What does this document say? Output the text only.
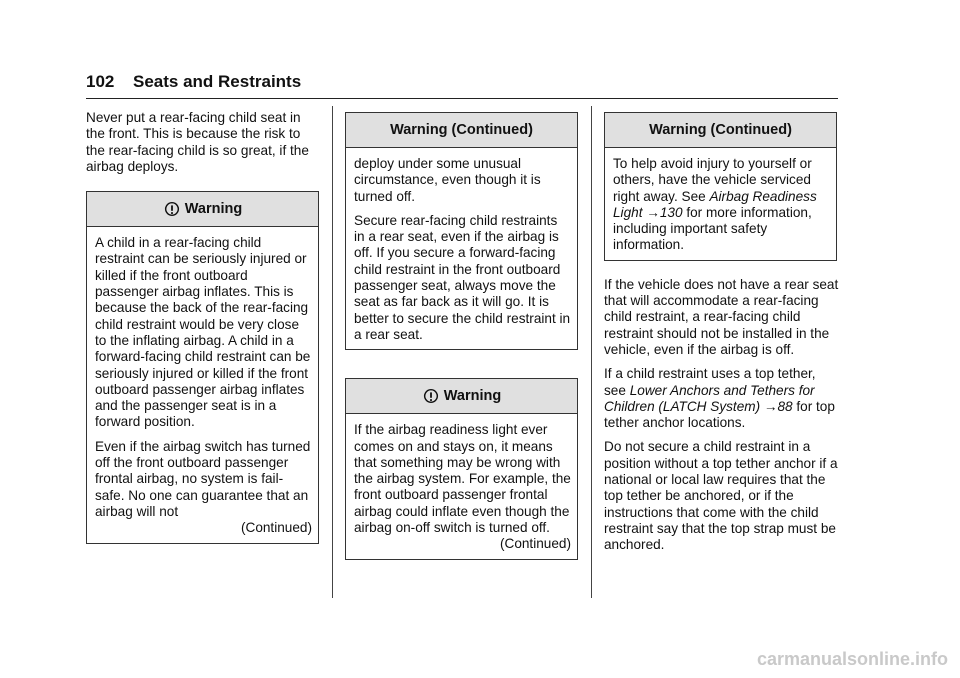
102 Seats and Restraints

Never put a rear-facing child seat in the front. This is because the risk to the rear-facing child is so great, if the airbag deploys.

Warning

A child in a rear-facing child restraint can be seriously injured or killed if the front outboard passenger airbag inflates. This is because the back of the rear-facing child restraint would be very close to the inflating airbag. A child in a forward-facing child restraint can be seriously injured or killed if the front outboard passenger airbag inflates and the passenger seat is in a forward position.

Even if the airbag switch has turned off the front outboard passenger frontal airbag, no system is fail-safe. No one can guarantee that an airbag will not

(Continued)
Warning (Continued)

deploy under some unusual circumstance, even though it is turned off.

Secure rear-facing child restraints in a rear seat, even if the airbag is off. If you secure a forward-facing child restraint in the front outboard passenger seat, always move the seat as far back as it will go. It is better to secure the child restraint in a rear seat.

Warning

If the airbag readiness light ever comes on and stays on, it means that something may be wrong with the airbag system. For example, the front outboard passenger frontal airbag could inflate even though the airbag on-off switch is turned off.

(Continued)
Warning (Continued)

To help avoid injury to yourself or others, have the vehicle serviced right away. See Airbag Readiness Light →130 for more information, including important safety information.

If the vehicle does not have a rear seat that will accommodate a rear-facing child restraint, a rear-facing child restraint should not be installed in the vehicle, even if the airbag is off.

If a child restraint uses a top tether, see Lower Anchors and Tethers for Children (LATCH System) →88 for top tether anchor locations.

Do not secure a child restraint in a position without a top tether anchor if a national or local law requires that the top tether be anchored, or if the instructions that come with the child restraint say that the top strap must be anchored.

carmanualsonline.info
